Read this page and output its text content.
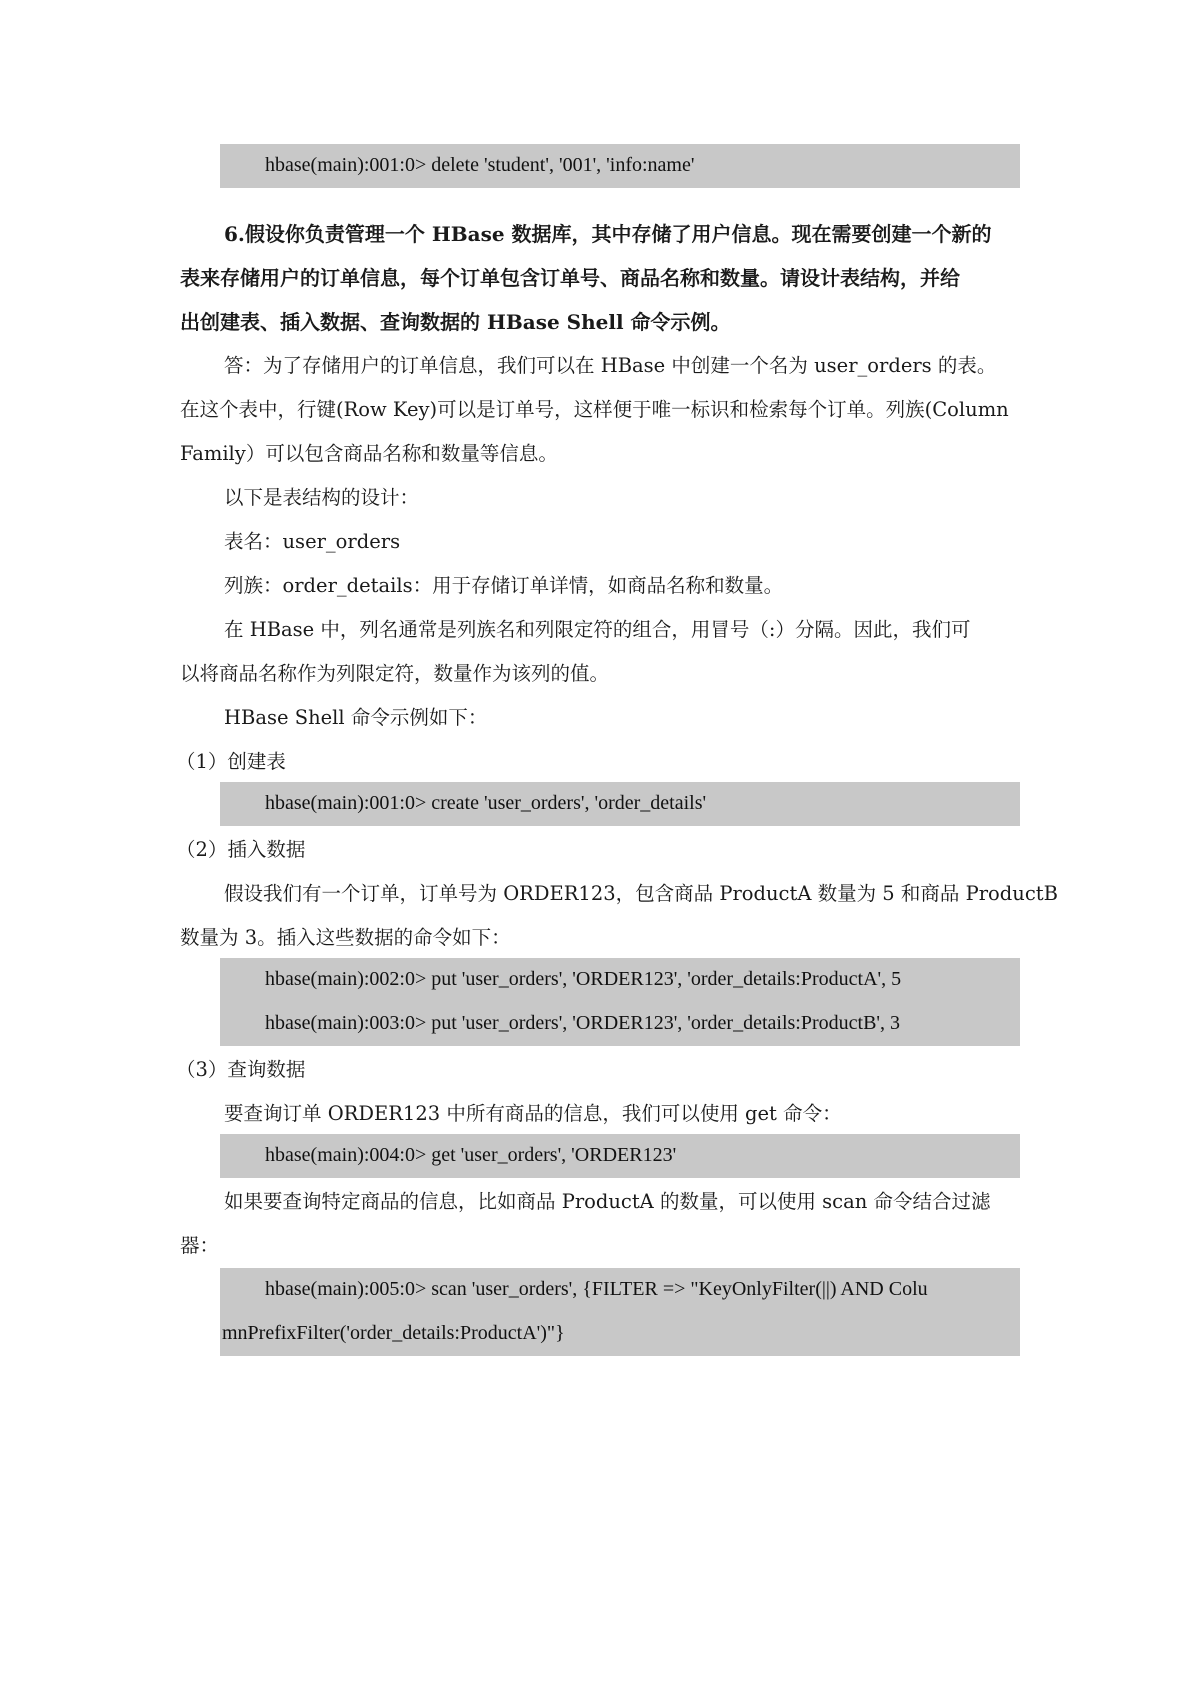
hbase(main):001:0> delete 'student', '001', 'info:name'
6.假设你负责管理一个 HBase 数据库，其中存储了用户信息。现在需要创建一个新的
表来存储用户的订单信息，每个订单包含订单号、商品名称和数量。请设计表结构，并给
出创建表、插入数据、查询数据的 HBase Shell 命令示例。
答：为了存储用户的订单信息，我们可以在 HBase 中创建一个名为 user_orders 的表。
在这个表中，行键(Row Key)可以是订单号，这样便于唯一标识和检索每个订单。列族(Column
Family）可以包含商品名称和数量等信息。
以下是表结构的设计：
表名：user_orders
列族：order_details：用于存储订单详情，如商品名称和数量。
在 HBase 中，列名通常是列族名和列限定符的组合，用冒号（:）分隔。因此，我们可
以将商品名称作为列限定符，数量作为该列的值。
HBase Shell 命令示例如下：
（1）创建表
hbase(main):001:0> create 'user_orders', 'order_details'
（2）插入数据
假设我们有一个订单，订单号为 ORDER123，包含商品 ProductA 数量为 5 和商品 ProductB
数量为 3。插入这些数据的命令如下：
hbase(main):002:0> put 'user_orders', 'ORDER123', 'order_details:ProductA', 5
hbase(main):003:0> put 'user_orders', 'ORDER123', 'order_details:ProductB', 3
（3）查询数据
要查询订单 ORDER123 中所有商品的信息，我们可以使用 get 命令：
hbase(main):004:0> get 'user_orders', 'ORDER123'
如果要查询特定商品的信息，比如商品 ProductA 的数量，可以使用 scan 命令结合过滤
器：
hbase(main):005:0> scan 'user_orders', {FILTER => "KeyOnlyFilter(||) AND Colu
mnPrefixFilter('order_details:ProductA')"}
